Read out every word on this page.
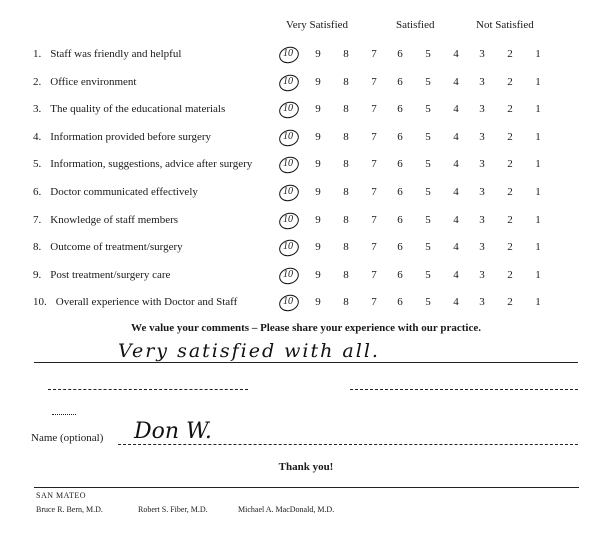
Very Satisfied	Satisfied	Not Satisfied
1. Staff was friendly and helpful	10 9 8 7 6 5 4 3 2 1
2. Office environment	10 9 8 7 6 5 4 3 2 1
3. The quality of the educational materials	10 9 8 7 6 5 4 3 2 1
4. Information provided before surgery	10 9 8 7 6 5 4 3 2 1
5. Information, suggestions, advice after surgery	10 9 8 7 6 5 4 3 2 1
6. Doctor communicated effectively	10 9 8 7 6 5 4 3 2 1
7. Knowledge of staff members	10 9 8 7 6 5 4 3 2 1
8. Outcome of treatment/surgery	10 9 8 7 6 5 4 3 2 1
9. Post treatment/surgery care	10 9 8 7 6 5 4 3 2 1
10. Overall experience with Doctor and Staff	10 9 8 7 6 5 4 3 2 1
We value your comments – Please share your experience with our practice.
Very satisfied with all.
Name (optional) Don W.
Thank you!
SAN MATEO
Bruce R. Bern, M.D.	Robert S. Fiber, M.D.	Michael A. MacDonald, M.D.
